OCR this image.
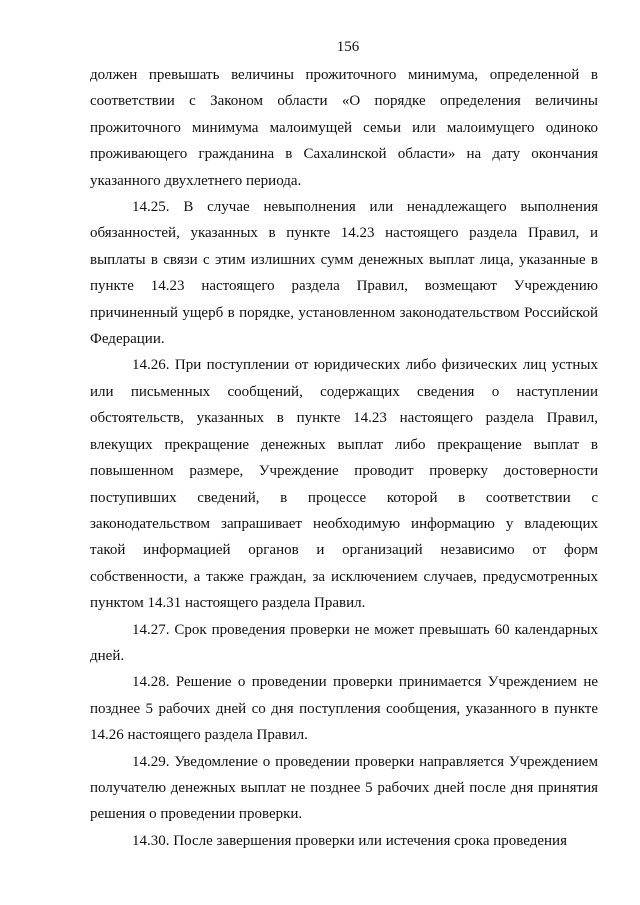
156

должен превышать величины прожиточного минимума, определенной в соответствии с Законом области «О порядке определения величины прожиточного минимума малоимущей семьи или малоимущего одиноко проживающего гражданина в Сахалинской области» на дату окончания указанного двухлетнего периода.

14.25. В случае невыполнения или ненадлежащего выполнения обязанностей, указанных в пункте 14.23 настоящего раздела Правил, и выплаты в связи с этим излишних сумм денежных выплат лица, указанные в пункте 14.23 настоящего раздела Правил, возмещают Учреждению причиненный ущерб в порядке, установленном законодательством Российской Федерации.

14.26. При поступлении от юридических либо физических лиц устных или письменных сообщений, содержащих сведения о наступлении обстоятельств, указанных в пункте 14.23 настоящего раздела Правил, влекущих прекращение денежных выплат либо прекращение выплат в повышенном размере, Учреждение проводит проверку достоверности поступивших сведений, в процессе которой в соответствии с законодательством запрашивает необходимую информацию у владеющих такой информацией органов и организаций независимо от форм собственности, а также граждан, за исключением случаев, предусмотренных пунктом 14.31 настоящего раздела Правил.

14.27. Срок проведения проверки не может превышать 60 календарных дней.

14.28. Решение о проведении проверки принимается Учреждением не позднее 5 рабочих дней со дня поступления сообщения, указанного в пункте 14.26 настоящего раздела Правил.

14.29. Уведомление о проведении проверки направляется Учреждением получателю денежных выплат не позднее 5 рабочих дней после дня принятия решения о проведении проверки.

14.30. После завершения проверки или истечения срока проведения
